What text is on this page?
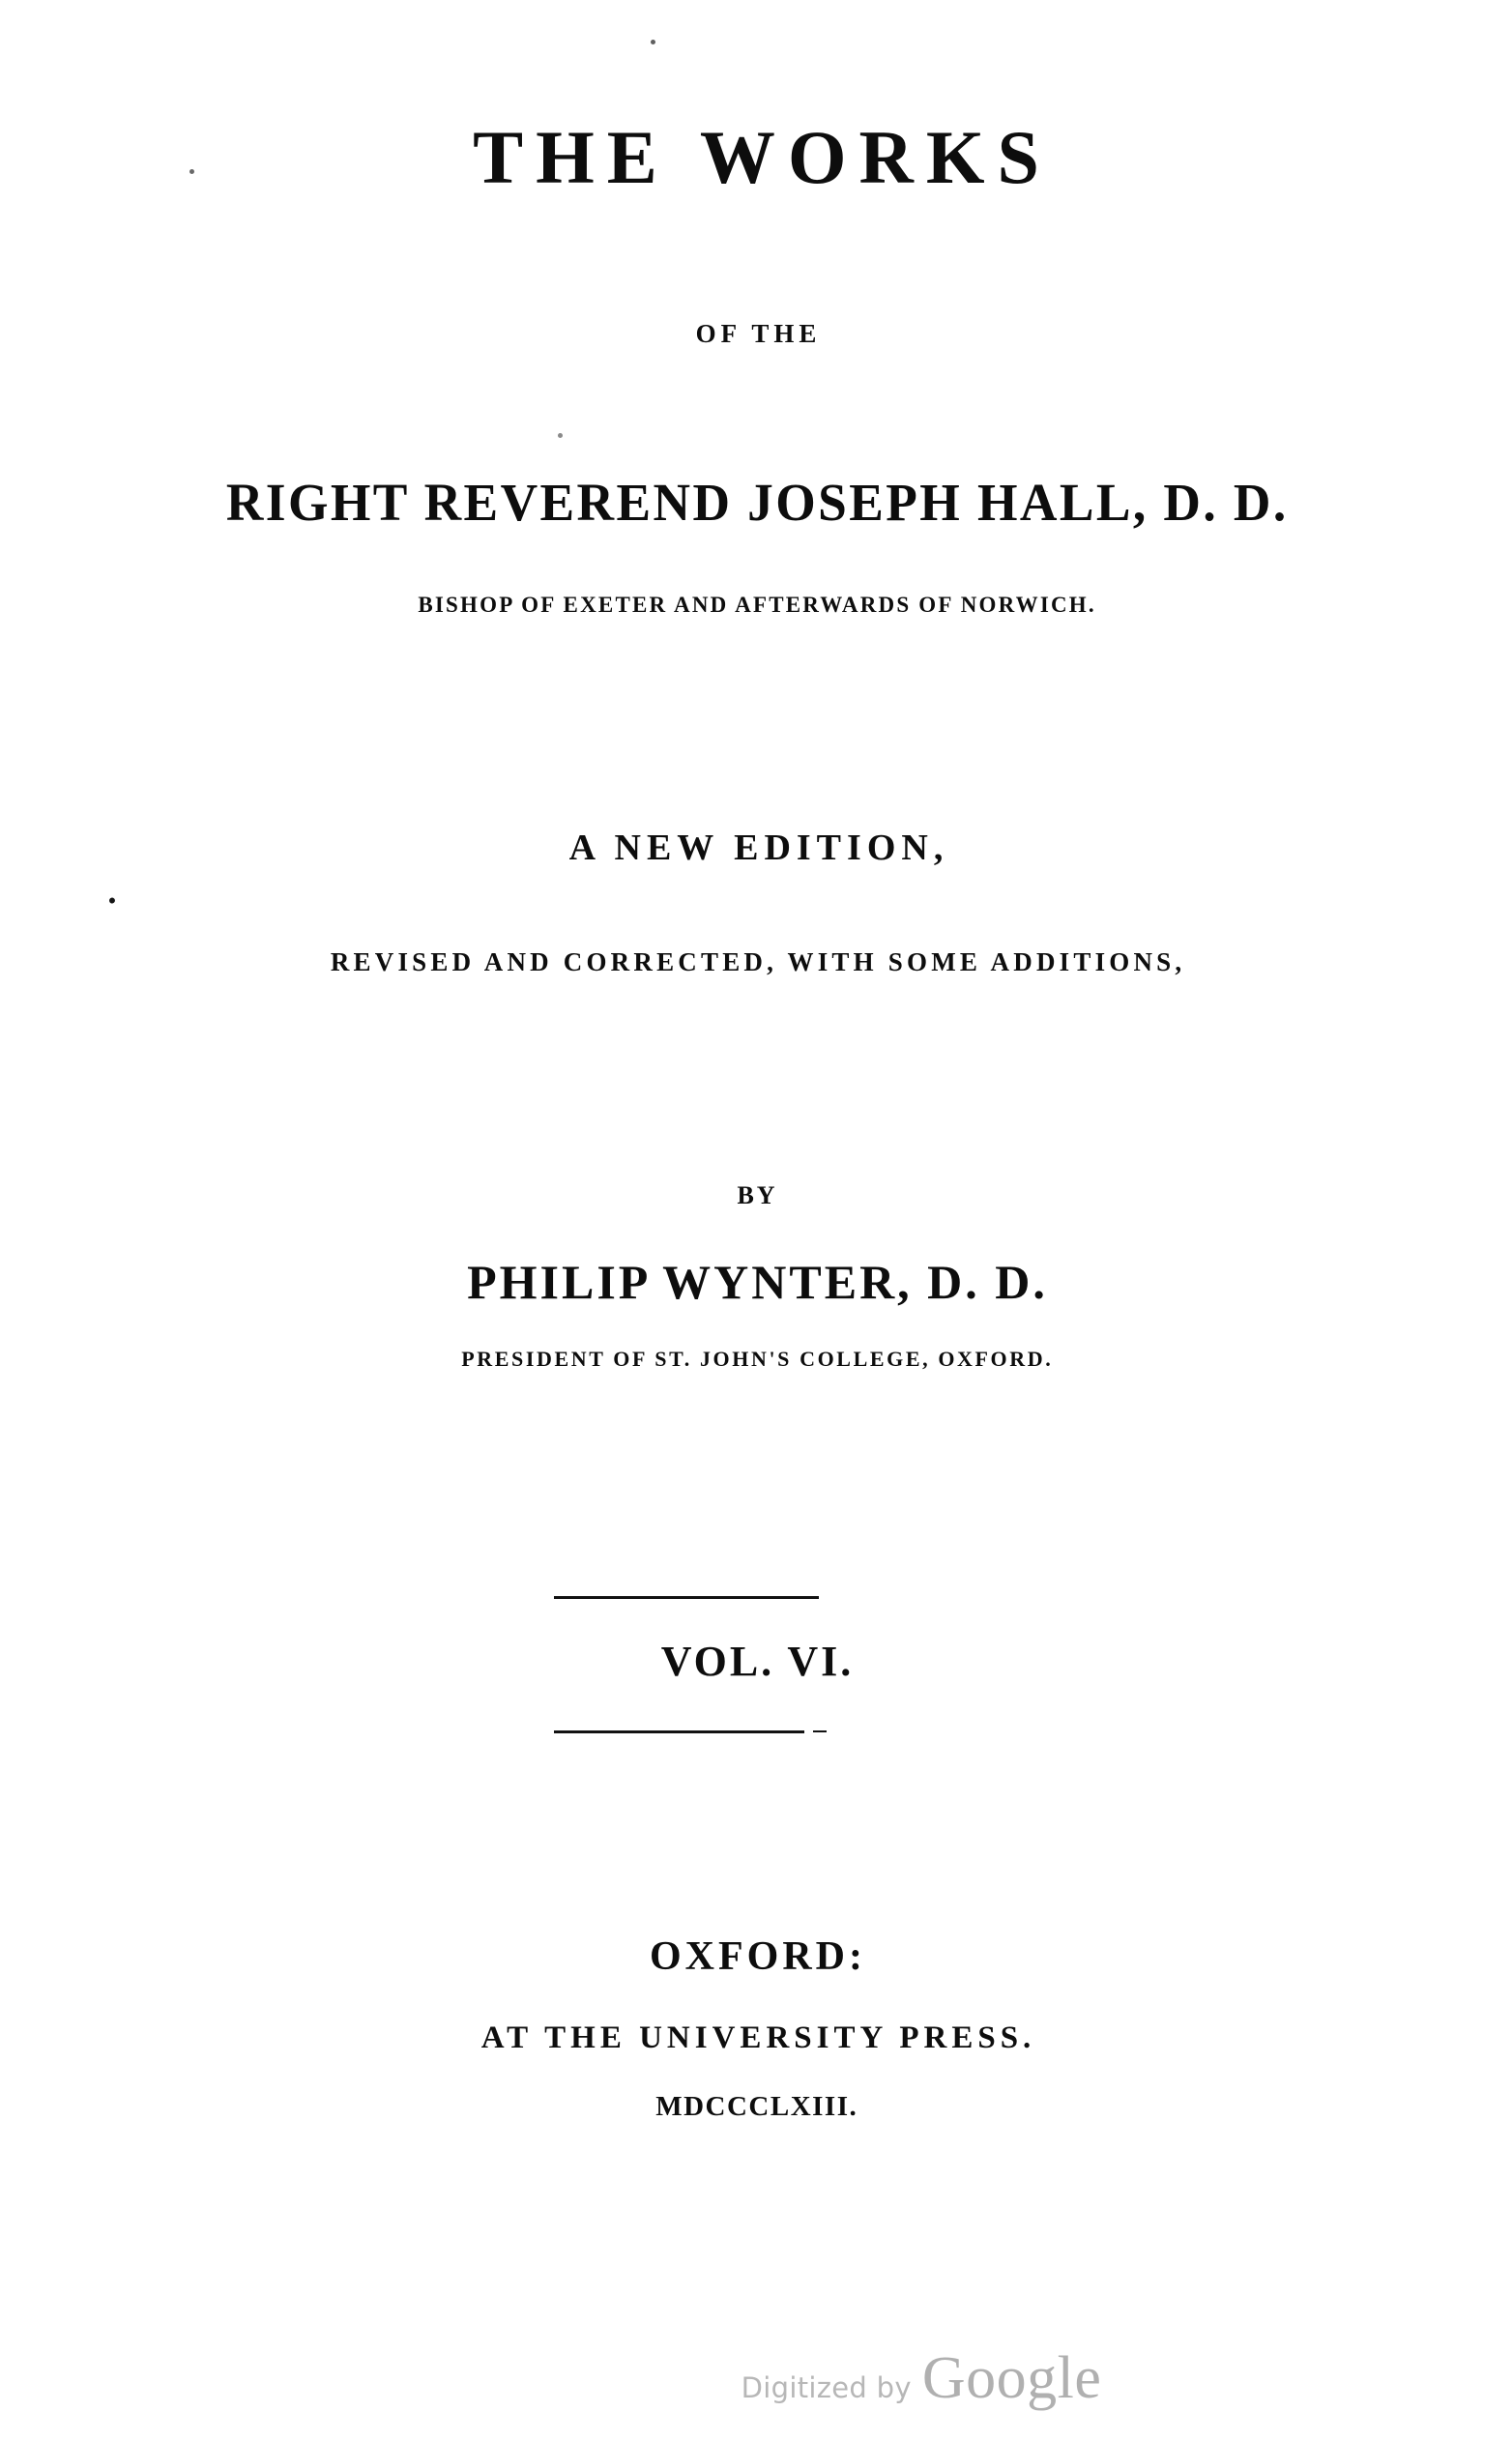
THE WORKS
OF THE
RIGHT REVEREND JOSEPH HALL, D. D.
BISHOP OF EXETER AND AFTERWARDS OF NORWICH.
•
A NEW EDITION,
REVISED AND CORRECTED, WITH SOME ADDITIONS,
BY
PHILIP WYNTER, D. D.
PRESIDENT OF ST. JOHN'S COLLEGE, OXFORD.
VOL. VI.
OXFORD:
AT THE UNIVERSITY PRESS.
MDCCCLXIII.
Digitized by Google
